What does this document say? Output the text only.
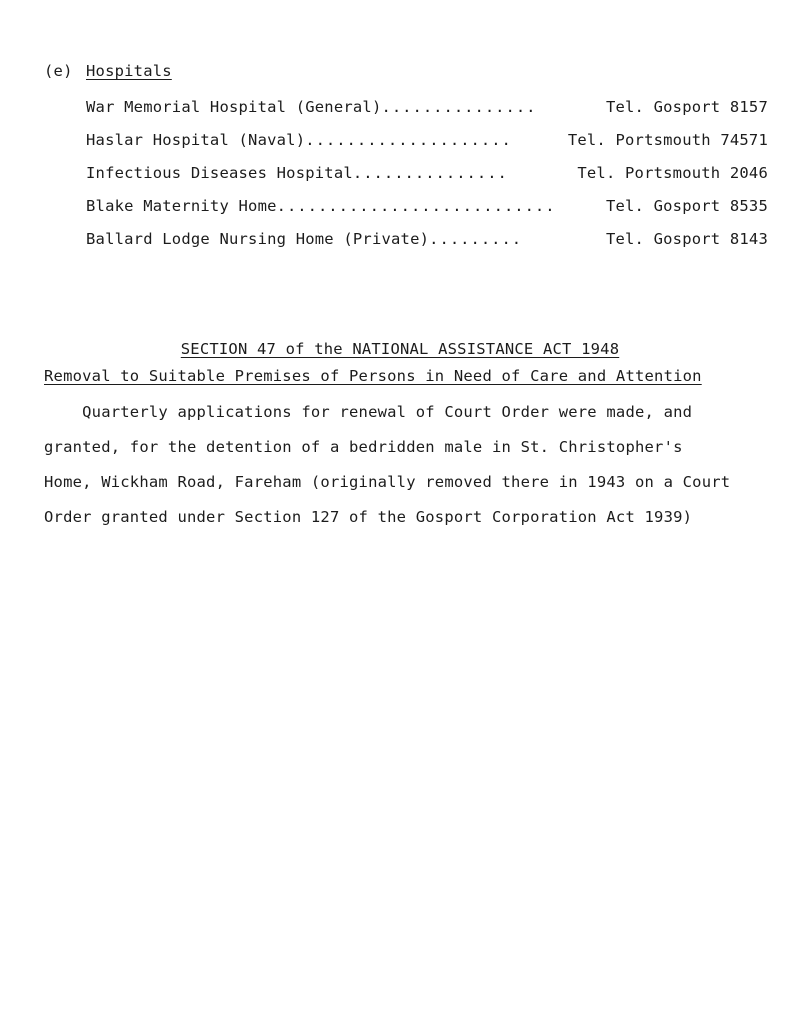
(e) Hospitals
War Memorial Hospital (General) ...............	Tel. Gosport 8157
Haslar Hospital (Naval) ....................	Tel. Portsmouth 74571
Infectious Diseases Hospital ...............	Tel. Portsmouth 2046
Blake Maternity Home ...........................	Tel. Gosport 8535
Ballard Lodge Nursing Home (Private) .........	Tel. Gosport 8143
SECTION 47 of the NATIONAL ASSISTANCE ACT 1948
Removal to Suitable Premises of Persons in Need of Care and Attention
Quarterly applications for renewal of Court Order were made, and
granted, for the detention of a bedridden male in St. Christopher's
Home, Wickham Road, Fareham (originally removed there in 1943 on a Court
Order granted under Section 127 of the Gosport Corporation Act 1939)
